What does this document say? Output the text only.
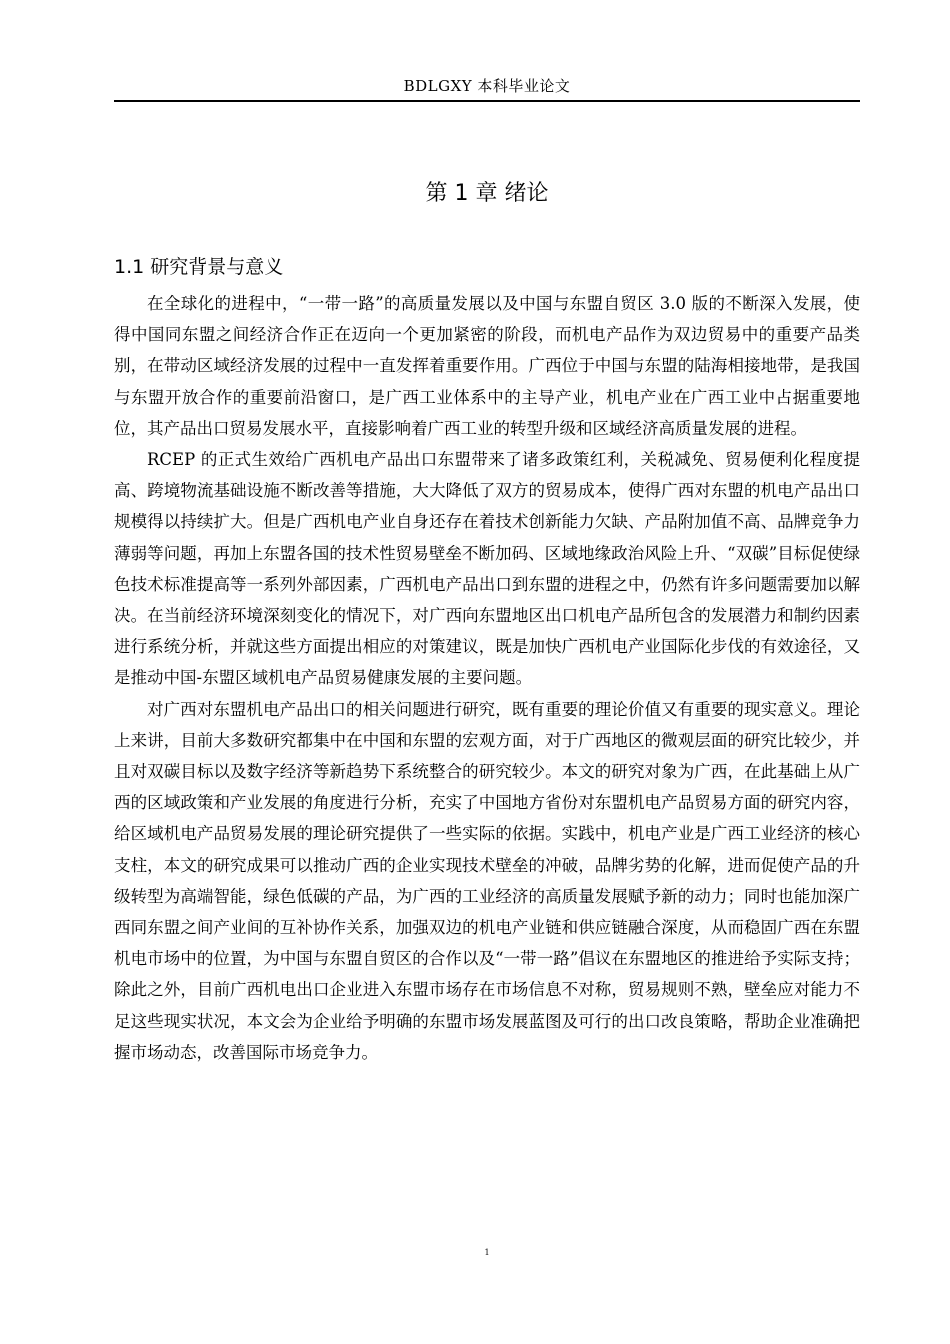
BDLGXY 本科毕业论文
第 1 章 绪论
1.1 研究背景与意义

在全球化的进程中，“一带一路”的高质量发展以及中国与东盟自贸区 3.0 版的不断深入发展，使得中国同东盟之间经济合作正在迈向一个更加紧密的阶段，而机电产品作为双边贸易中的重要产品类别，在带动区域经济发展的过程中一直发挥着重要作用。广西位于中国与东盟的陆海相接地带，是我国与东盟开放合作的重要前沿窗口，是广西工业体系中的主导产业，机电产业在广西工业中占据重要地位，其产品出口贸易发展水平，直接影响着广西工业的转型升级和区域经济高质量发展的进程。

RCEP 的正式生效给广西机电产品出口东盟带来了诸多政策红利，关税减免、贸易便利化程度提高、跨境物流基础设施不断改善等措施，大大降低了双方的贸易成本，使得广西对东盟的机电产品出口规模得以持续扩大。但是广西机电产业自身还存在着技术创新能力欠缺、产品附加值不高、品牌竞争力薄弱等问题，再加上东盟各国的技术性贸易壁垒不断加码、区域地缘政治风险上升、“双碳”目标促使绿色技术标准提高等一系列外部因素，广西机电产品出口到东盟的进程之中，仍然有许多问题需要加以解决。在当前经济环境深刻变化的情况下，对广西向东盟地区出口机电产品所包含的发展潜力和制约因素进行系统分析，并就这些方面提出相应的对策建议，既是加快广西机电产业国际化步伐的有效途径，又是推动中国-东盟区域机电产品贸易健康发展的主要问题。

对广西对东盟机电产品出口的相关问题进行研究，既有重要的理论价值又有重要的现实意义。理论上来讲，目前大多数研究都集中在中国和东盟的宏观方面，对于广西地区的微观层面的研究比较少，并且对双碳目标以及数字经济等新趋势下系统整合的研究较少。本文的研究对象为广西，在此基础上从广西的区域政策和产业发展的角度进行分析，充实了中国地方省份对东盟机电产品贸易方面的研究内容，给区域机电产品贸易发展的理论研究提供了一些实际的依据。实践中，机电产业是广西工业经济的核心支柱，本文的研究成果可以推动广西的企业实现技术壁垒的冲破，品牌劣势的化解，进而促使产品的升级转型为高端智能，绿色低碳的产品，为广西的工业经济的高质量发展赋予新的动力；同时也能加深广西同东盟之间产业间的互补协作关系，加强双边的机电产业链和供应链融合深度，从而稳固广西在东盟机电市场中的位置，为中国与东盟自贸区的合作以及“一带一路”倡议在东盟地区的推进给予实际支持；除此之外，目前广西机电出口企业进入东盟市场存在市场信息不对称，贸易规则不熟，壁垒应对能力不足这些现实状况，本文会为企业给予明确的东盟市场发展蓝图及可行的出口改良策略，帮助企业准确把握市场动态，改善国际市场竞争力。

1
